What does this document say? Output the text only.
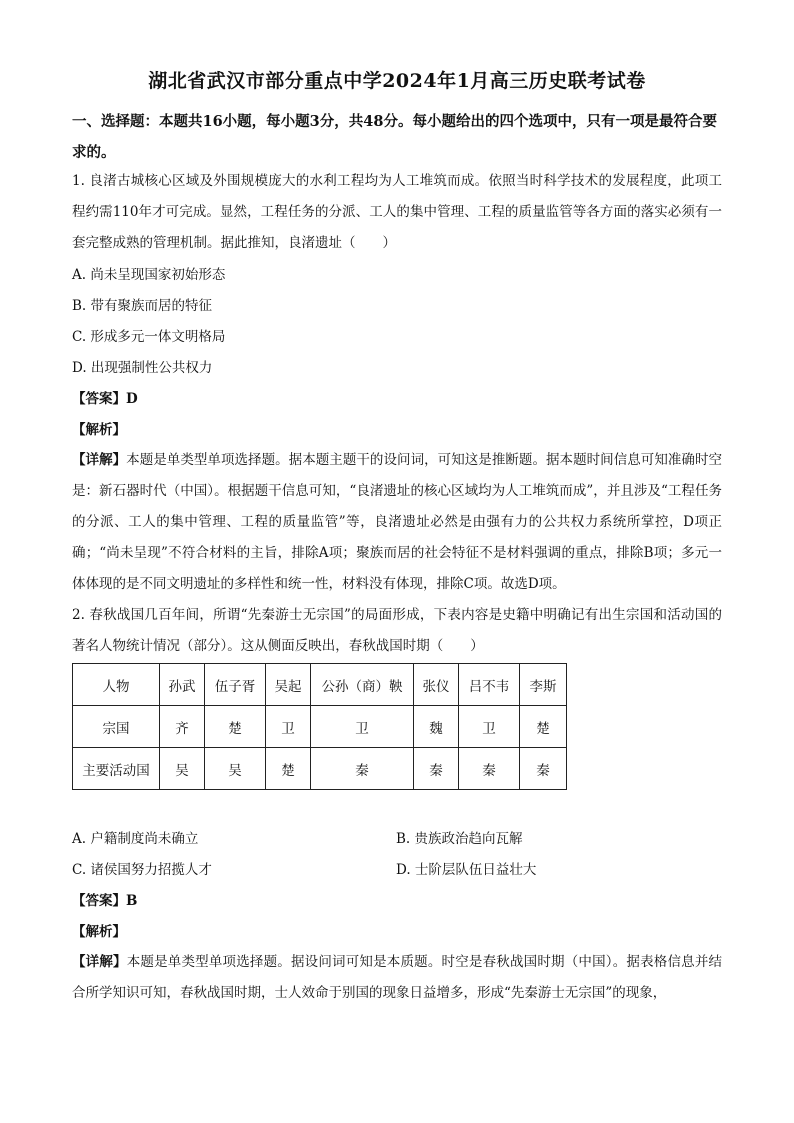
湖北省武汉市部分重点中学2024年1月高三历史联考试卷
一、选择题：本题共16小题，每小题3分，共48分。每小题给出的四个选项中，只有一项是最符合要求的。
1. 良渚古城核心区域及外围规模庞大的水利工程均为人工堆筑而成。依照当时科学技术的发展程度，此项工程约需110年才可完成。显然，工程任务的分派、工人的集中管理、工程的质量监管等各方面的落实必须有一套完整成熟的管理机制。据此推知，良渚遗址（　　）
A. 尚未呈现国家初始形态
B. 带有聚族而居的特征
C. 形成多元一体文明格局
D. 出现强制性公共权力
【答案】D
【解析】
【详解】本题是单类型单项选择题。据本题主题干的设问词，可知这是推断题。据本题时间信息可知准确时空是：新石器时代（中国）。根据题干信息可知，“良渚遗址的核心区域均为人工堆筑而成”，并且涉及“工程任务的分派、工人的集中管理、工程的质量监管”等，良渚遗址必然是由强有力的公共权力系统所掌控，D项正确；“尚未呈现”不符合材料的主旨，排除A项；聚族而居的社会特征不是材料强调的重点，排除B项；多元一体体现的是不同文明遗址的多样性和统一性，材料没有体现，排除C项。故选D项。
2. 春秋战国几百年间，所谓“先秦游士无宗国”的局面形成，下表内容是史籍中明确记有出生宗国和活动国的著名人物统计情况（部分）。这从侧面反映出，春秋战国时期（　　）
人物	孙武	伍子胥	吴起	公孙（商）鞅	张仪	吕不韦	李斯
宗国	齐	楚	卫	卫	魏	卫	楚
主要活动国	吴	吴	楚	秦	秦	秦	秦
A. 户籍制度尚未确立	B. 贵族政治趋向瓦解
C. 诸侯国努力招揽人才	D. 士阶层队伍日益壮大
【答案】B
【解析】
【详解】本题是单类型单项选择题。据设问词可知是本质题。时空是春秋战国时期（中国）。据表格信息并结合所学知识可知，春秋战国时期，士人效命于别国的现象日益增多，形成“先秦游士无宗国”的现象，
